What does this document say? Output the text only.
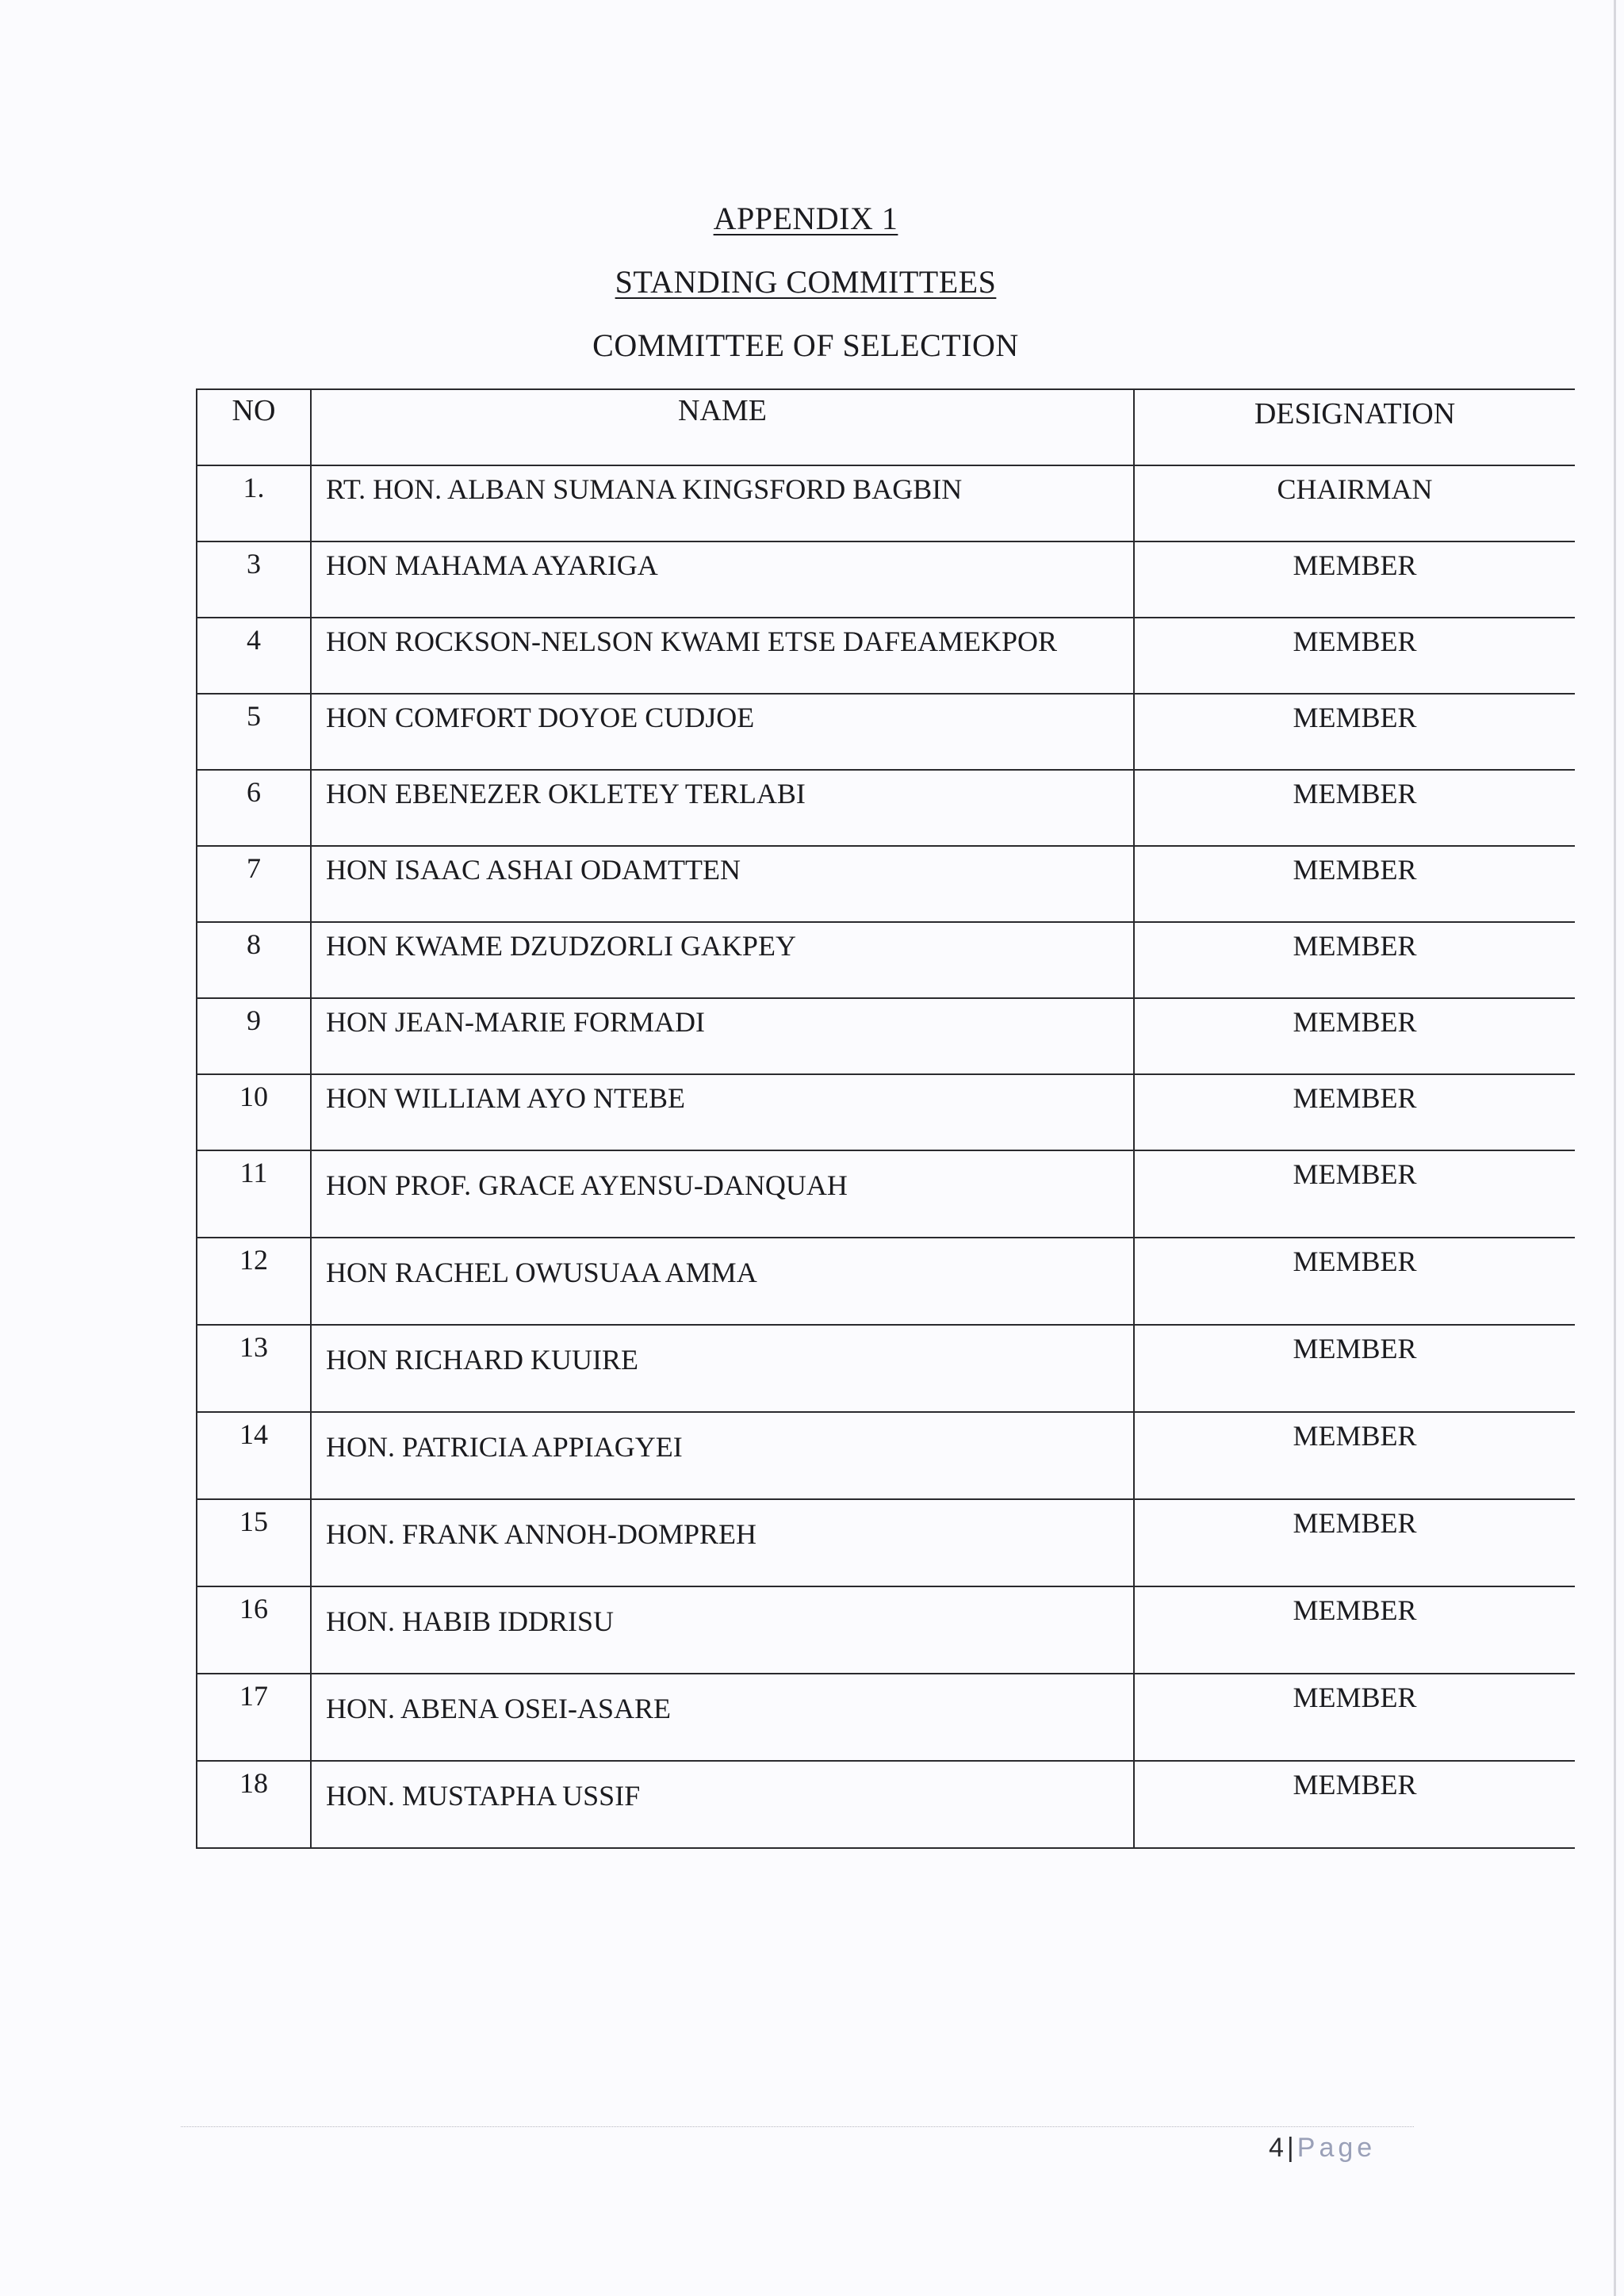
APPENDIX 1
STANDING COMMITTEES
COMMITTEE OF SELECTION
NO	NAME	DESIGNATION
1.	RT. HON. ALBAN SUMANA KINGSFORD BAGBIN	CHAIRMAN
3	HON MAHAMA AYARIGA	MEMBER
4	HON ROCKSON-NELSON KWAMI ETSE DAFEAMEKPOR	MEMBER
5	HON COMFORT DOYOE CUDJOE	MEMBER
6	HON EBENEZER OKLETEY TERLABI	MEMBER
7	HON ISAAC ASHAI ODAMTTEN	MEMBER
8	HON KWAME DZUDZORLI GAKPEY	MEMBER
9	HON JEAN-MARIE FORMADI	MEMBER
10	HON WILLIAM AYO NTEBE	MEMBER
11	HON PROF. GRACE AYENSU-DANQUAH	MEMBER
12	HON RACHEL OWUSUAA AMMA	MEMBER
13	HON RICHARD KUUIRE	MEMBER
14	HON. PATRICIA APPIAGYEI	MEMBER
15	HON. FRANK ANNOH-DOMPREH	MEMBER
16	HON. HABIB IDDRISU	MEMBER
17	HON. ABENA OSEI-ASARE	MEMBER
18	HON. MUSTAPHA USSIF	MEMBER
4 | Page
